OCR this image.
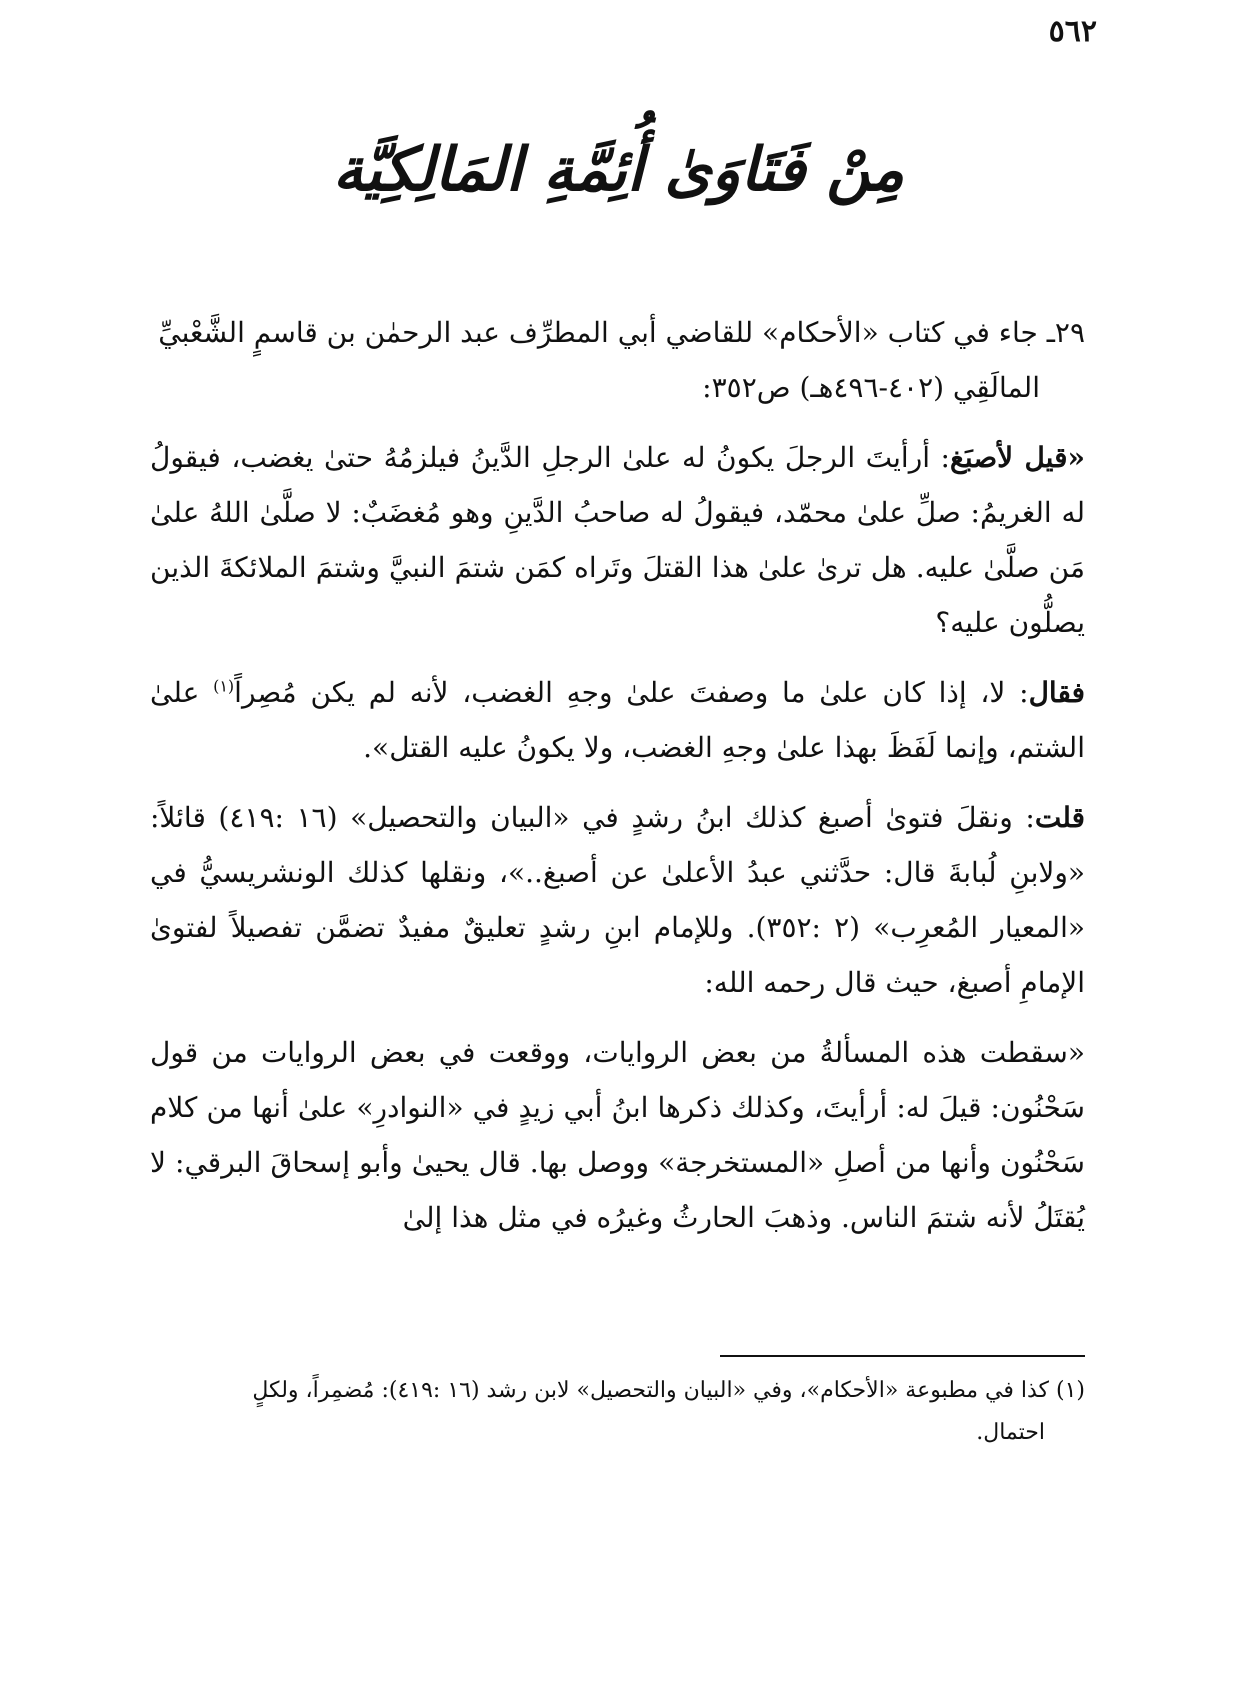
٥٦٢
مِنْ فَتَاوَىٰ أُئِمَّةِ المَالِكِيَّة

٢٩ـ جاء في كتاب «الأحكام» للقاضي أبي المطرِّف عبد الرحمٰن بن قاسمٍ الشَّعْبيِّ

المالَقِي (٤٠٢-٤٩٦هـ) ص٣٥٢:

«قيل لأصبَغ: أرأيتَ الرجلَ يكونُ له علىٰ الرجلِ الدَّينُ فيلزمُهُ حتىٰ يغضب، فيقولُ له الغريمُ: صلِّ علىٰ محمّد، فيقولُ له صاحبُ الدَّينِ وهو مُغضَبٌ: لا صلَّىٰ اللهُ علىٰ مَن صلَّىٰ عليه. هل ترىٰ علىٰ هذا القتلَ وتَراه كمَن شتمَ النبيَّ وشتمَ الملائكةَ الذين يصلُّون عليه؟

فقال: لا، إذا كان علىٰ ما وصفتَ علىٰ وجهِ الغضب، لأنه لم يكن مُصِراً$^{(١)}$ علىٰ الشتم، وإنما لَفَظَ بهذا علىٰ وجهِ الغضب، ولا يكونُ عليه القتل».

قلت: ونقلَ فتوىٰ أصبغ كذلك ابنُ رشدٍ في «البيان والتحصيل» (١٦ :٤١٩) قائلاً: «ولابنِ لُبابةَ قال: حدَّثني عبدُ الأعلىٰ عن أصبغ..»، ونقلها كذلك الونشريسيُّ في «المعيار المُعرِب» (٢ :٣٥٢). وللإمام ابنِ رشدٍ تعليقٌ مفيدٌ تضمَّن تفصيلاً لفتوىٰ الإمامِ أصبغ، حيث قال رحمه الله:

«سقطت هذه المسألةُ من بعض الروايات، ووقعت في بعض الروايات من قول سَحْنُون: قيلَ له: أرأيتَ، وكذلك ذكرها ابنُ أبي زيدٍ في «النوادرِ» علىٰ أنها من كلام سَحْنُون وأنها من أصلِ «المستخرجة» ووصل بها. قال يحيىٰ وأبو إسحاقَ البرقي: لا يُقتَلُ لأنه شتمَ الناس. وذهبَ الحارثُ وغيرُه في مثل هذا إلىٰ

(١) كذا في مطبوعة «الأحكام»، وفي «البيان والتحصيل» لابن رشد (١٦ :٤١٩): مُضمِراً، ولكلٍ

احتمال.
